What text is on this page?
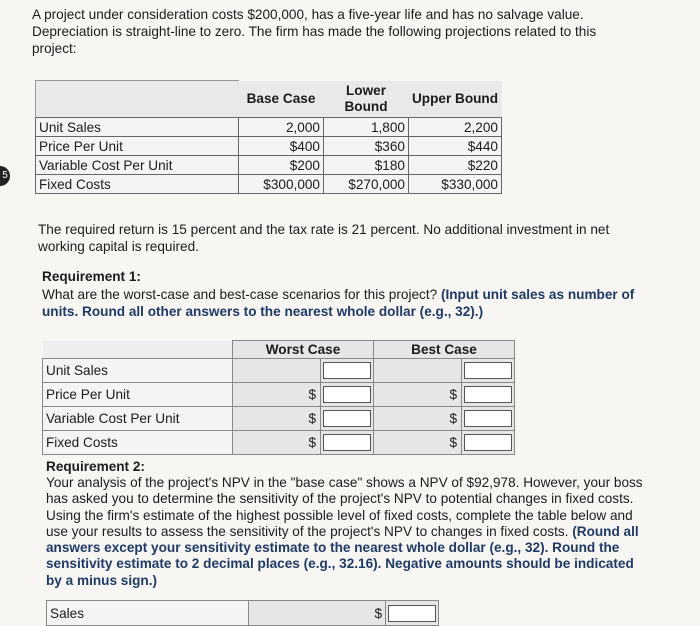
5
A project under consideration costs $200,000, has a five-year life and has no salvage value. Depreciation is straight-line to zero. The firm has made the following projections related to this project:
	Base Case	Lower Bound	Upper Bound
Unit Sales	2,000	1,800	2,200
Price Per Unit	$400	$360	$440
Variable Cost Per Unit	$200	$180	$220
Fixed Costs	$300,000	$270,000	$330,000
The required return is 15 percent and the tax rate is 21 percent. No additional investment in net working capital is required.
Requirement 1:
What are the worst-case and best-case scenarios for this project? (Input unit sales as number of units. Round all other answers to the nearest whole dollar (e.g., 32).)
	Worst Case		Best Case	
Unit Sales		

Price Per Unit	$		$	

Variable Cost Per Unit	$		$	

Fixed Costs	$		$	
Requirement 2:
Your analysis of the project's NPV in the "base case" shows a NPV of $92,978. However, your boss has asked you to determine the sensitivity of the project's NPV to potential changes in fixed costs. Using the firm's estimate of the highest possible level of fixed costs, complete the table below and use your results to assess the sensitivity of the project's NPV to changes in fixed costs. (Round all answers except your sensitivity estimate to the nearest whole dollar (e.g., 32). Round the sensitivity estimate to 2 decimal places (e.g., 32.16). Negative amounts should be indicated by a minus sign.)
Sales	$	
